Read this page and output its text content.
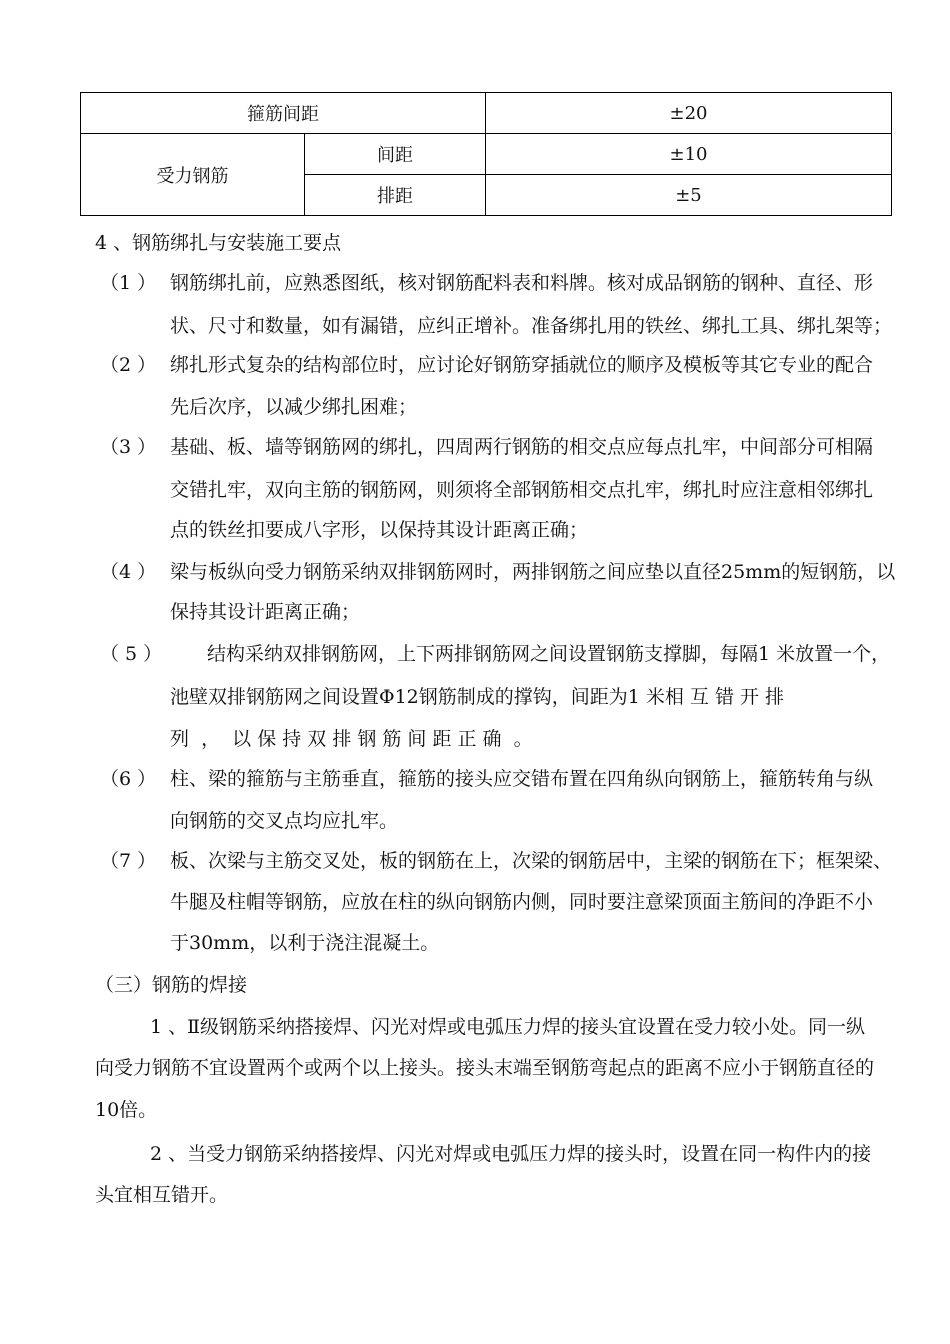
箍筋间距		±20
受力钢筋	间距	±10
	排距	±5
4 、钢筋绑扎与安装施工要点
（1 ） 钢筋绑扎前，应熟悉图纸，核对钢筋配料表和料牌。核对成品钢筋的钢种、直径、形
状、尺寸和数量，如有漏错，应纠正增补。准备绑扎用的铁丝、绑扎工具、绑扎架等；
（2 ） 绑扎形式复杂的结构部位时，应讨论好钢筋穿插就位的顺序及模板等其它专业的配合
先后次序，以减少绑扎困难；
（3 ） 基础、板、墙等钢筋网的绑扎，四周两行钢筋的相交点应每点扎牢，中间部分可相隔
交错扎牢，双向主筋的钢筋网，则须将全部钢筋相交点扎牢，绑扎时应注意相邻绑扎
点的铁丝扣要成八字形，以保持其设计距离正确；
（4 ） 梁与板纵向受力钢筋采纳双排钢筋网时，两排钢筋之间应垫以直径25mm的短钢筋，以
保持其设计距离正确；
（ 5 ） 结构采纳双排钢筋网，上下两排钢筋网之间设置钢筋支撑脚，每隔1 米放置一个，
池壁双排钢筋网之间设置Φ12钢筋制成的撑钩，间距为1 米相 互 错 开 排
列  ，  以 保 持 双 排 钢 筋 间 距 正 确  。
（6 ） 柱、梁的箍筋与主筋垂直，箍筋的接头应交错布置在四角纵向钢筋上，箍筋转角与纵
向钢筋的交叉点均应扎牢。
（7 ） 板、次梁与主筋交叉处，板的钢筋在上，次梁的钢筋居中，主梁的钢筋在下；框架梁、
牛腿及柱帽等钢筋，应放在柱的纵向钢筋内侧，同时要注意梁顶面主筋间的净距不小
于30mm，以利于浇注混凝土。
（三）钢筋的焊接
1 、Ⅱ级钢筋采纳搭接焊、闪光对焊或电弧压力焊的接头宜设置在受力较小处。同一纵
向受力钢筋不宜设置两个或两个以上接头。接头末端至钢筋弯起点的距离不应小于钢筋直径的
10倍。
2 、当受力钢筋采纳搭接焊、闪光对焊或电弧压力焊的接头时，设置在同一构件内的接
头宜相互错开。
